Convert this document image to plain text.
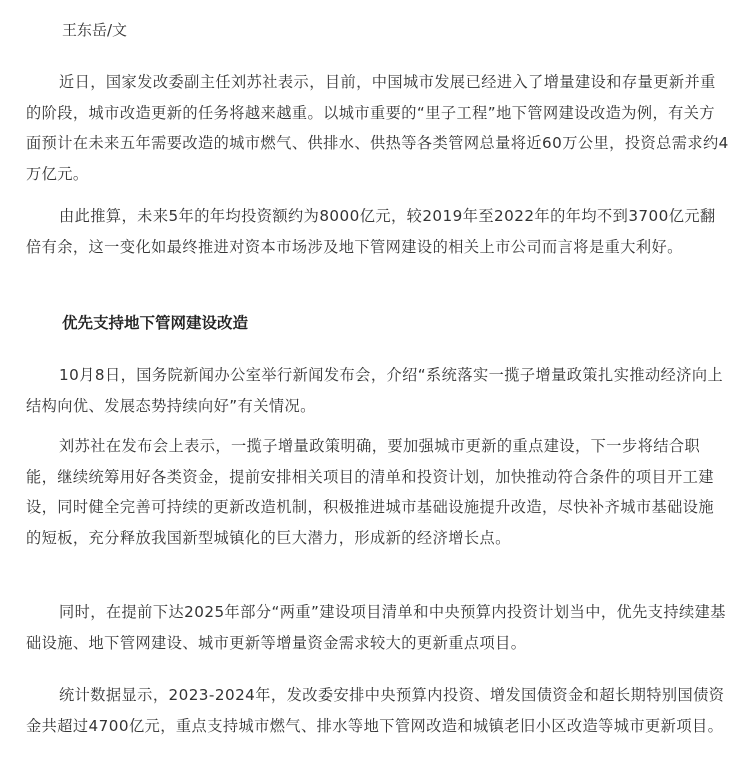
王东岳/文

近日，国家发改委副主任刘苏社表示，目前，中国城市发展已经进入了增量建设和存量更新并重的阶段，城市改造更新的任务将越来越重。以城市重要的“里子工程”地下管网建设改造为例，有关方面预计在未来五年需要改造的城市燃气、供排水、供热等各类管网总量将近60万公里，投资总需求约4万亿元。

由此推算，未来5年的年均投资额约为8000亿元，较2019年至2022年的年均不到3700亿元翻倍有余，这一变化如最终推进对资本市场涉及地下管网建设的相关上市公司而言将是重大利好。

优先支持地下管网建设改造

10月8日，国务院新闻办公室举行新闻发布会，介绍“系统落实一揽子增量政策扎实推动经济向上结构向优、发展态势持续向好”有关情况。

刘苏社在发布会上表示，一揽子增量政策明确，要加强城市更新的重点建设，下一步将结合职能，继续统筹用好各类资金，提前安排相关项目的清单和投资计划，加快推动符合条件的项目开工建设，同时健全完善可持续的更新改造机制，积极推进城市基础设施提升改造，尽快补齐城市基础设施的短板，充分释放我国新型城镇化的巨大潜力，形成新的经济增长点。

同时，在提前下达2025年部分“两重”建设项目清单和中央预算内投资计划当中，优先支持续建基础设施、地下管网建设、城市更新等增量资金需求较大的更新重点项目。

统计数据显示，2023-2024年，发改委安排中央预算内投资、增发国债资金和超长期特别国债资金共超过4700亿元，重点支持城市燃气、排水等地下管网改造和城镇老旧小区改造等城市更新项目。
